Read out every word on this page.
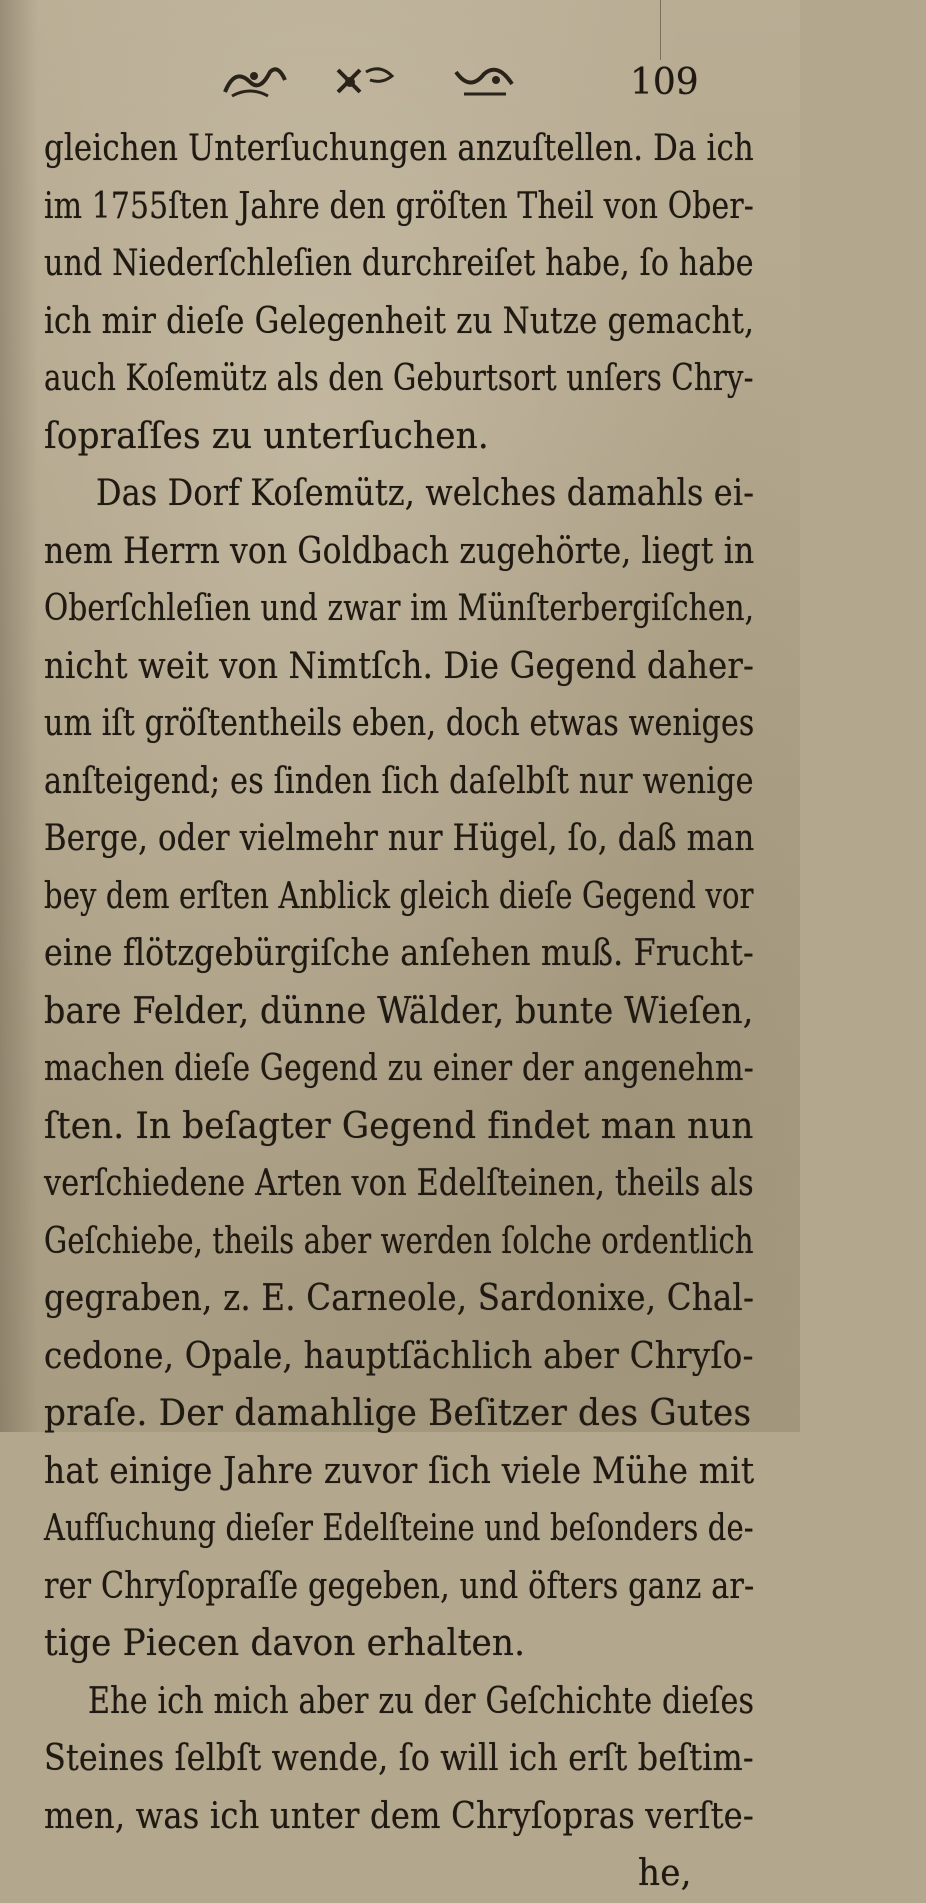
109
gleichen Unterſuchungen anzuſtellen. Da ich
im 1755ſten Jahre den gröſten Theil von Ober-
und Niederſchleſien durchreiſet habe, ſo habe
ich mir dieſe Gelegenheit zu Nutze gemacht,
auch Koſemütz als den Geburtsort unſers Chry-
ſopraſſes zu unterſuchen.
Das Dorf Koſemütz, welches damahls ei-
nem Herrn von Goldbach zugehörte, liegt in
Oberſchleſien und zwar im Münſterbergiſchen,
nicht weit von Nimtſch. Die Gegend daher-
um iſt gröſtentheils eben, doch etwas weniges
anſteigend; es ſinden ſich daſelbſt nur wenige
Berge, oder vielmehr nur Hügel, ſo, daß man
bey dem erſten Anblick gleich dieſe Gegend vor
eine flötzgebürgiſche anſehen muß. Frucht-
bare Felder, dünne Wälder, bunte Wieſen,
machen dieſe Gegend zu einer der angenehm-
ſten. In beſagter Gegend findet man nun
verſchiedene Arten von Edelſteinen, theils als
Geſchiebe, theils aber werden ſolche ordentlich
gegraben, z. E. Carneole, Sardonixe, Chal-
cedone, Opale, hauptſächlich aber Chryſo-
praſe. Der damahlige Beſitzer des Gutes
hat einige Jahre zuvor ſich viele Mühe mit
Aufſuchung dieſer Edelſteine und beſonders de-
rer Chryſopraſſe gegeben, und öfters ganz ar-
tige Piecen davon erhalten.
Ehe ich mich aber zu der Geſchichte dieſes
Steines ſelbſt wende, ſo will ich erſt beſtim-
men, was ich unter dem Chryſopras verſte-
he,
